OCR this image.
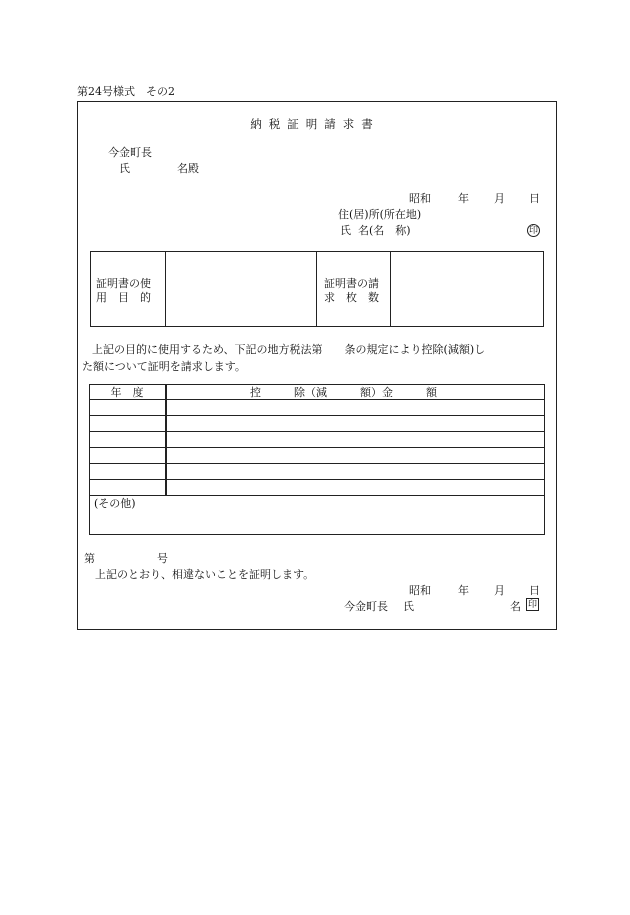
第24号様式　その2
納税証明請求書
今金町長
氏	名殿
昭和 年 月 日
住(居)所(所在地)
氏 名(名　称)	印
証明書の使
用　目　的
証明書の請
求　枚　数
上記の目的に使用するため、下記の地方税法第　　条の規定により控除(減額)し
た額について証明を請求します。
年　度	控　　　除（減　　　額）金　　　額
(その他)
第	号
上記のとおり、相違ないことを証明します。
昭和 年 月 日
今金町長 氏	名 印
